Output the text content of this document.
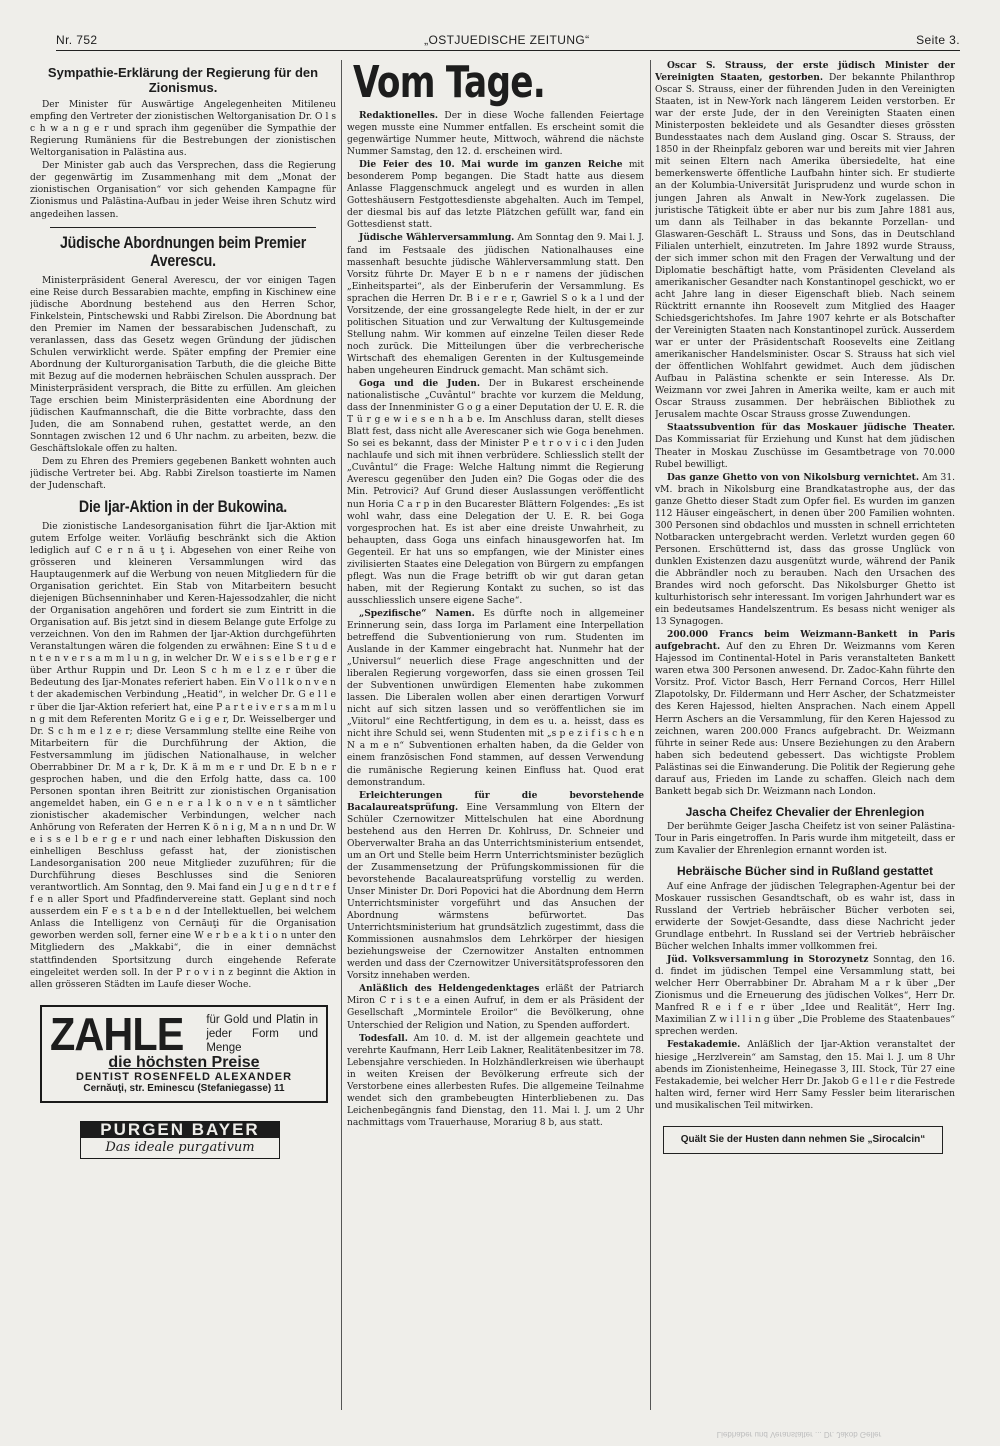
Nr. 752	„OSTJUEDISCHE ZEITUNG“	Seite 3.
Sympathie-Erklärung der Regierung für den Zionismus.

Der Minister für Auswärtige Angelegenheiten Mitileneu empfing den Vertreter der zionistischen Weltorganisation Dr. O l s c h w a n g e r und sprach ihm gegenüber die Sympathie der Regierung Rumäniens für die Bestrebungen der zionistischen Weltorganisation in Palästina aus.

Der Minister gab auch das Versprechen, dass die Regierung der gegenwärtig im Zusammenhang mit dem „Monat der zionistischen Organisation“ vor sich gehenden Kampagne für Zionismus und Palästina-Aufbau in jeder Weise ihren Schutz wird angedeihen lassen.

Jüdische Abordnungen beim Premier Averescu.

Ministerpräsident General Averescu, der vor einigen Tagen eine Reise durch Bessarabien machte, empfing in Kischinew eine jüdische Abordnung bestehend aus den Herren Schor, Finkelstein, Pintschewski und Rabbi Zirelson. Die Abordnung bat den Premier im Namen der bessarabischen Judenschaft, zu veranlassen, dass das Gesetz wegen Gründung der jüdischen Schulen verwirklicht werde. Später empfing der Premier eine Abordnung der Kulturorganisation Tarbuth, die die gleiche Bitte mit Bezug auf die modernen hebräischen Schulen aussprach. Der Ministerpräsident versprach, die Bitte zu erfüllen. Am gleichen Tage erschien beim Ministerpräsidenten eine Abordnung der jüdischen Kaufmannschaft, die die Bitte vorbrachte, dass den Juden, die am Sonnabend ruhen, gestattet werde, an den Sonntagen zwischen 12 und 6 Uhr nachm. zu arbeiten, bezw. die Geschäftslokale offen zu halten.

Dem zu Ehren des Premiers gegebenen Bankett wohnten auch jüdische Vertreter bei. Abg. Rabbi Zirelson toastierte im Namen der Judenschaft.

Die Ijar-Aktion in der Bukowina.

Die zionistische Landesorganisation führt die Ijar-Aktion mit gutem Erfolge weiter. Vorläufig beschränkt sich die Aktion lediglich auf C e r n ă u ţ i. Abgesehen von einer Reihe von grösseren und kleineren Versammlungen wird das Hauptaugenmerk auf die Werbung von neuen Mitgliedern für die Organisation gerichtet. Ein Stab von Mitarbeitern besucht diejenigen Büchsenninhaber und Keren-Hajessodzahler, die nicht der Organisation angehören und fordert sie zum Eintritt in die Organisation auf. Bis jetzt sind in diesem Belange gute Erfolge zu verzeichnen. Von den im Rahmen der Ijar-Aktion durchgeführten Veranstaltungen wären die folgenden zu erwähnen: Eine S t u d e n t e n v e r s a m m l u n g, in welcher Dr. W e i s s e l b e r g e r über Arthur Ruppin und Dr. Leon S c h m e l z e r über die Bedeutung des Ijar-Monates referiert haben. Ein V o l l k o n v e n t der akademischen Verbindung „Heatid“, in welcher Dr. G e l l e r über die Ijar-Aktion referiert hat, eine P a r t e i v e r s a m m l u n g mit dem Referenten Moritz G e i g e r, Dr. Weisselberger und Dr. S c h m e l z e r; diese Versammlung stellte eine Reihe von Mitarbeitern für die Durchführung der Aktion, die Festversammlung im jüdischen Nationalhause, in welcher Oberrabbiner Dr. M a r k, Dr. K ä m m e r und Dr. E b n e r gesprochen haben, und die den Erfolg hatte, dass ca. 100 Personen spontan ihren Beitritt zur zionistischen Organisation angemeldet haben, ein G e n e r a l k o n v e n t sämtlicher zionistischer akademischer Verbindungen, welcher nach Anhörung von Referaten der Herren K ö n i g, M a n n und Dr. W e i s s e l b e r g e r und nach einer lebhaften Diskussion den einhelligen Beschluss gefasst hat, der zionistischen Landesorganisation 200 neue Mitglieder zuzuführen; für die Durchführung dieses Beschlusses sind die Senioren verantwortlich. Am Sonntag, den 9. Mai fand ein J u g e n d t r e f f e n aller Sport und Pfadfindervereine statt. Geplant sind noch ausserdem ein F e s t a b e n d der Intellektuellen, bei welchem Anlass die Intelligenz von Cernăuţi für die Organisation geworben werden soll, ferner eine W e r b e a k t i o n unter den Mitgliedern des „Makkabi“, die in einer demnächst stattfindenden Sportsitzung durch eingehende Referate eingeleitet werden soll. In der P r o v i n z beginnt die Aktion in allen grösseren Städten im Laufe dieser Woche.

ZAHLE für Gold und Platin in jeder Form und Menge
die höchsten Preise
DENTIST ROSENFELD ALEXANDER
Cernăuţi, str. Eminescu (Stefaniegasse) 11
PURGEN BAYER
Das ideale purgativum
Vom Tage.

Redaktionelles. Der in diese Woche fallenden Feiertage wegen musste eine Nummer entfallen. Es erscheint somit die gegenwärtige Nummer heute, Mittwoch, während die nächste Nummer Samstag, den 12. d. erscheinen wird.

Die Feier des 10. Mai wurde im ganzen Reiche mit besonderem Pomp begangen. Die Stadt hatte aus diesem Anlasse Flaggenschmuck angelegt und es wurden in allen Gotteshäusern Festgottesdienste abgehalten. Auch im Tempel, der diesmal bis auf das letzte Plätzchen gefüllt war, fand ein Gottesdienst statt.

Jüdische Wählerversammlung. Am Sonntag den 9. Mai l. J. fand im Festsaale des jüdischen Nationalhauses eine massenhaft besuchte jüdische Wählerversammlung statt. Den Vorsitz führte Dr. Mayer E b n e r namens der jüdischen „Einheitspartei“, als der Einberuferin der Versammlung. Es sprachen die Herren Dr. B i e r e r, Gawriel S o k a l und der Vorsitzende, der eine grossangelegte Rede hielt, in der er zur politischen Situation und zur Verwaltung der Kultusgemeinde Stellung nahm. Wir kommen auf einzelne Teilen dieser Rede noch zurück. Die Mitteilungen über die verbrecherische Wirtschaft des ehemaligen Gerenten in der Kultusgemeinde haben ungeheuren Eindruck gemacht. Man schämt sich.

Goga und die Juden. Der in Bukarest erscheinende nationalistische „Cuvântul“ brachte vor kurzem die Meldung, dass der Innenminister G o g a einer Deputation der U. E. R. die T ü r g e w i e s e n h a b e. Im Anschluss daran, stellt dieses Blatt fest, dass nicht alle Averescaner sich wie Goga benehmen. So sei es bekannt, dass der Minister P e t r o v i c i den Juden nachlaufe und sich mit ihnen verbrüdere. Schliesslich stellt der „Cuvântul“ die Frage: Welche Haltung nimmt die Regierung Averescu gegenüber den Juden ein? Die Gogas oder die des Min. Petrovici? Auf Grund dieser Auslassungen veröffentlicht nun Horia C a r p in den Bucarester Blättern Folgendes: „Es ist wohl wahr, dass eine Delegation der U. E. R. bei Goga vorgesprochen hat. Es ist aber eine dreiste Unwahrheit, zu behaupten, dass Goga uns einfach hinausgeworfen hat. Im Gegenteil. Er hat uns so empfangen, wie der Minister eines zivilisierten Staates eine Delegation von Bürgern zu empfangen pflegt. Was nun die Frage betrifft ob wir gut daran getan haben, mit der Regierung Kontakt zu suchen, so ist das ausschliesslich unsere eigene Sache“.

„Spezifische“ Namen. Es dürfte noch in allgemeiner Erinnerung sein, dass Iorga im Parlament eine Interpellation betreffend die Subventionierung von rum. Studenten im Auslande in der Kammer eingebracht hat. Nunmehr hat der „Universul“ neuerlich diese Frage angeschnitten und der liberalen Regierung vorgeworfen, dass sie einen grossen Teil der Subventionen unwürdigen Elementen habe zukommen lassen. Die Liberalen wollen aber einen derartigen Vorwurf nicht auf sich sitzen lassen und so veröffentlichen sie im „Viitorul“ eine Rechtfertigung, in dem es u. a. heisst, dass es nicht ihre Schuld sei, wenn Studenten mit „s p e z i f i s c h e n N a m e n“ Subventionen erhalten haben, da die Gelder von einem französischen Fond stammen, auf dessen Verwendung die rumänische Regierung keinen Einfluss hat. Quod erat demonstrandum.

Erleichterungen für die bevorstehende Bacalaureatsprüfung. Eine Versammlung von Eltern der Schüler Czernowitzer Mittelschulen hat eine Abordnung bestehend aus den Herren Dr. Kohlruss, Dr. Schneier und Oberverwalter Braha an das Unterrichtsministerium entsendet, um an Ort und Stelle beim Herrn Unterrichtsminister bezüglich der Zusammensetzung der Prüfungskommissionen für die bevorstehende Bacalaureatsprüfung vorstellig zu werden. Unser Minister Dr. Dori Popovici hat die Abordnung dem Herrn Unterrichtsminister vorgeführt und das Ansuchen der Abordnung wärmstens befürwortet. Das Unterrichtsministerium hat grundsätzlich zugestimmt, dass die Kommissionen ausnahmslos dem Lehrkörper der hiesigen beziehungsweise der Czernowitzer Anstalten entnommen werden und dass der Czernowitzer Universitätsprofessoren den Vorsitz innehaben werden.

Anläßlich des Heldengedenktages erläßt der Patriarch Miron C r i s t e a einen Aufruf, in dem er als Präsident der Gesellschaft „Mormintele Eroilor“ die Bevölkerung, ohne Unterschied der Religion und Nation, zu Spenden auffordert.

Todesfall. Am 10. d. M. ist der allgemein geachtete und verehrte Kaufmann, Herr Leib Lakner, Realitätenbesitzer im 78. Lebensjahre verschieden. In Holzhändlerkreisen wie überhaupt in weiten Kreisen der Bevölkerung erfreute sich der Verstorbene eines allerbesten Rufes. Die allgemeine Teilnahme wendet sich den grambebeugten Hinterbliebenen zu. Das Leichenbegängnis fand Dienstag, den 11. Mai l. J. um 2 Uhr nachmittags vom Trauerhause, Morariug 8 b, aus statt.

Oscar S. Strauss, der erste jüdisch Minister der Vereinigten Staaten, gestorben. Der bekannte Philanthrop Oscar S. Strauss, einer der führenden Juden in den Vereinigten Staaten, ist in New-York nach längerem Leiden verstorben. Er war der erste Jude, der in den Vereinigten Staaten einen Ministerposten bekleidete und als Gesandter dieses grössten Bundesstaates nach dem Ausland ging. Oscar S. Strauss, der 1850 in der Rheinpfalz geboren war und bereits mit vier Jahren mit seinen Eltern nach Amerika übersiedelte, hat eine bemerkenswerte öffentliche Laufbahn hinter sich. Er studierte an der Kolumbia-Universität Jurisprudenz und wurde schon in jungen Jahren als Anwalt in New-York zugelassen. Die juristische Tätigkeit übte er aber nur bis zum Jahre 1881 aus, um dann als Teilhaber in das bekannte Porzellan- und Glaswaren-Geschäft L. Strauss und Sons, das in Deutschland Filialen unterhielt, einzutreten. Im Jahre 1892 wurde Strauss, der sich immer schon mit den Fragen der Verwaltung und der Diplomatie beschäftigt hatte, vom Präsidenten Cleveland als amerikanischer Gesandter nach Konstantinopel geschickt, wo er acht Jahre lang in dieser Eigenschaft blieb. Nach seinem Rücktritt ernannte ihn Roosevelt zum Mitglied des Haager Schiedsgerichtshofes. Im Jahre 1907 kehrte er als Botschafter der Vereinigten Staaten nach Konstantinopel zurück. Ausserdem war er unter der Präsidentschaft Roosevelts eine Zeitlang amerikanischer Handelsminister. Oscar S. Strauss hat sich viel der öffentlichen Wohlfahrt gewidmet. Auch dem jüdischen Aufbau in Palästina schenkte er sein Interesse. Als Dr. Weizmann vor zwei Jahren in Amerika weilte, kam er auch mit Oscar Strauss zusammen. Der hebräischen Bibliothek zu Jerusalem machte Oscar Strauss grosse Zuwendungen.

Staatssubvention für das Moskauer jüdische Theater. Das Kommissariat für Erziehung und Kunst hat dem jüdischen Theater in Moskau Zuschüsse im Gesamtbetrage von 70.000 Rubel bewilligt.

Das ganze Ghetto von von Nikolsburg vernichtet. Am 31. vM. brach in Nikolsburg eine Brandkatastrophe aus, der das ganze Ghetto dieser Stadt zum Opfer fiel. Es wurden im ganzen 112 Häuser eingeäschert, in denen über 200 Familien wohnten. 300 Personen sind obdachlos und mussten in schnell errichteten Notbaracken untergebracht werden. Verletzt wurden gegen 60 Personen. Erschütternd ist, dass das grosse Unglück von dunklen Existenzen dazu ausgenützt wurde, während der Panik die Abbrändler noch zu berauben. Nach den Ursachen des Brandes wird noch geforscht. Das Nikolsburger Ghetto ist kulturhistorisch sehr interessant. Im vorigen Jahrhundert war es ein bedeutsames Handelszentrum. Es besass nicht weniger als 13 Synagogen.

200.000 Francs beim Weizmann-Bankett in Paris aufgebracht. Auf den zu Ehren Dr. Weizmanns vom Keren Hajessod im Continental-Hotel in Paris veranstalteten Bankett waren etwa 300 Personen anwesend. Dr. Zadoc-Kahn führte den Vorsitz. Prof. Victor Basch, Herr Fernand Corcos, Herr Hillel Zlapotolsky, Dr. Fildermann und Herr Ascher, der Schatzmeister des Keren Hajessod, hielten Ansprachen. Nach einem Appell Herrn Aschers an die Versammlung, für den Keren Hajessod zu zeichnen, waren 200.000 Francs aufgebracht. Dr. Weizmann führte in seiner Rede aus: Unsere Beziehungen zu den Arabern haben sich bedeutend gebessert. Das wichtigste Problem Palästinas sei die Einwanderung. Die Politik der Regierung gehe darauf aus, Frieden im Lande zu schaffen. Gleich nach dem Bankett begab sich Dr. Weizmann nach London.

Jascha Cheifez Chevalier der Ehrenlegion

Der berühmte Geiger Jascha Cheifetz ist von seiner Palästina-Tour in Paris eingetroffen. In Paris wurde ihm mitgeteilt, dass er zum Kavalier der Ehrenlegion ernannt worden ist.

Hebräische Bücher sind in Rußland gestattet

Auf eine Anfrage der jüdischen Telegraphen-Agentur bei der Moskauer russischen Gesandtschaft, ob es wahr ist, dass in Russland der Vertrieb hebräischer Bücher verboten sei, erwiderte der Sowjet-Gesandte, dass diese Nachricht jeder Grundlage entbehrt. In Russland sei der Vertrieb hebräischer Bücher welchen Inhalts immer vollkommen frei.

Jüd. Volksversammlung in Storozynetz Sonntag, den 16. d. findet im jüdischen Tempel eine Versammlung statt, bei welcher Herr Oberrabbiner Dr. Abraham M a r k über „Der Zionismus und die Erneuerung des jüdischen Volkes“, Herr Dr. Manfred R e i f e r über „Idee und Realität“, Herr Ing. Maximilian Z w i l l i n g über „Die Probleme des Staatenbaues“ sprechen werden.

Festakademie. Anläßlich der Ijar-Aktion veranstaltet der hiesige „Herzlverein“ am Samstag, den 15. Mai l. J. um 8 Uhr abends im Zionistenheime, Heinegasse 3, III. Stock, Tür 27 eine Festakademie, bei welcher Herr Dr. Jakob G e l l e r die Festrede halten wird, ferner wird Herr Samy Fessler beim literarischen und musikalischen Teil mitwirken.

Quält Sie der Husten dann nehmen Sie „Sirocalcin“
Liebhaber und Veranstalter ... Dr. Jakob Geller
